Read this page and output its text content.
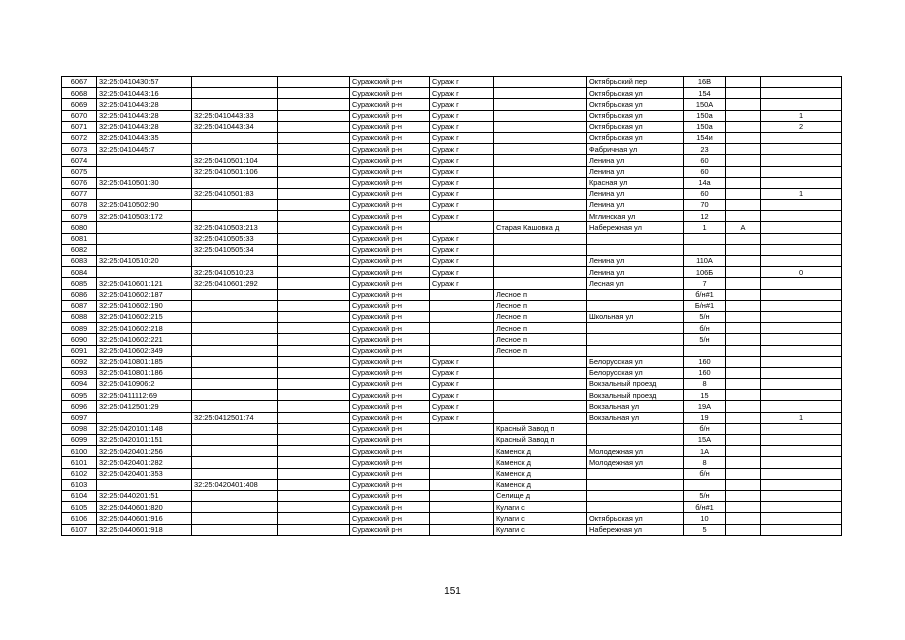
6067	32:25:0410430:57			Суражский р-н	Сураж г		Октябрьский пер	16В		
6068	32:25:0410443:16			Суражский р-н	Сураж г		Октябрьская ул	154		
6069	32:25:0410443:28			Суражский р-н	Сураж г		Октябрьская ул	150А		
6070	32:25:0410443:28	32:25:0410443:33		Суражский р-н	Сураж г		Октябрьская ул	150а		1
6071	32:25:0410443:28	32:25:0410443:34		Суражский р-н	Сураж г		Октябрьская ул	150а		2
6072	32:25:0410443:35			Суражский р-н	Сураж г		Октябрьская ул	154и		
6073	32:25:0410445:7			Суражский р-н	Сураж г		Фабричная ул	23		
6074		32:25:0410501:104		Суражский р-н	Сураж г		Ленина ул	60		
6075		32:25:0410501:106		Суражский р-н	Сураж г		Ленина ул	60		
6076	32:25:0410501:30			Суражский р-н	Сураж г		Красная ул	14а		
6077		32:25:0410501:83		Суражский р-н	Сураж г		Ленина ул	60		1
6078	32:25:0410502:90			Суражский р-н	Сураж г		Ленина ул	70		
6079	32:25:0410503:172			Суражский р-н	Сураж г		Мглинская ул	12		
6080		32:25:0410503:213		Суражский р-н		Старая Кашовка д	Набережная ул	1	А	
6081		32:25:0410505:33		Суражский р-н	Сураж г					
6082		32:25:0410505:34		Суражский р-н	Сураж г					
6083	32:25:0410510:20			Суражский р-н	Сураж г		Ленина ул	110А		
6084		32:25:0410510:23		Суражский р-н	Сураж г		Ленина ул	106Б		0
6085	32:25:0410601:121	32:25:0410601:292		Суражский р-н	Сураж г		Лесная ул	7		
6086	32:25:0410602:187			Суражский р-н		Лесное п		б/н#1		
6087	32:25:0410602:190			Суражский р-н		Лесное п		Б/н#1		
6088	32:25:0410602:215			Суражский р-н		Лесное п	Школьная ул	5/н		
6089	32:25:0410602:218			Суражский р-н		Лесное п		б/н		
6090	32:25:0410602:221			Суражский р-н		Лесное п		5/н		
6091	32:25:0410602:349			Суражский р-н		Лесное п				
6092	32:25:0410801:185			Суражский р-н	Сураж г		Белорусская ул	160		
6093	32:25:0410801:186			Суражский р-н	Сураж г		Белорусская ул	160		
6094	32:25:0410906:2			Суражский р-н	Сураж г		Вокзальный проезд	8		
6095	32:25:0411112:69			Суражский р-н	Сураж г		Вокзальный проезд	15		
6096	32:25:0412501:29			Суражский р-н	Сураж г		Вокзальная ул	19А		
6097		32:25:0412501:74		Суражский р-н	Сураж г		Вокзальная ул	19		1
6098	32:25:0420101:148			Суражский р-н		Красный Завод п		б/н		
6099	32:25:0420101:151			Суражский р-н		Красный Завод п		15А		
6100	32:25:0420401:256			Суражский р-н		Каменск д	Молодежная ул	1А		
6101	32:25:0420401:282			Суражский р-н		Каменск д	Молодежная ул	8		
6102	32:25:0420401:353			Суражский р-н		Каменск д		б/н		
6103		32:25:0420401:408		Суражский р-н		Каменск д				
6104	32:25:0440201:51			Суражский р-н		Селище д		5/н		
6105	32:25:0440601:820			Суражский р-н		Кулаги с		б/н#1		
6106	32:25:0440601:916			Суражский р-н		Кулаги с	Октябрьская ул	10		
6107	32:25:0440601:918			Суражский р-н		Кулаги с	Набережная ул	5		
151
